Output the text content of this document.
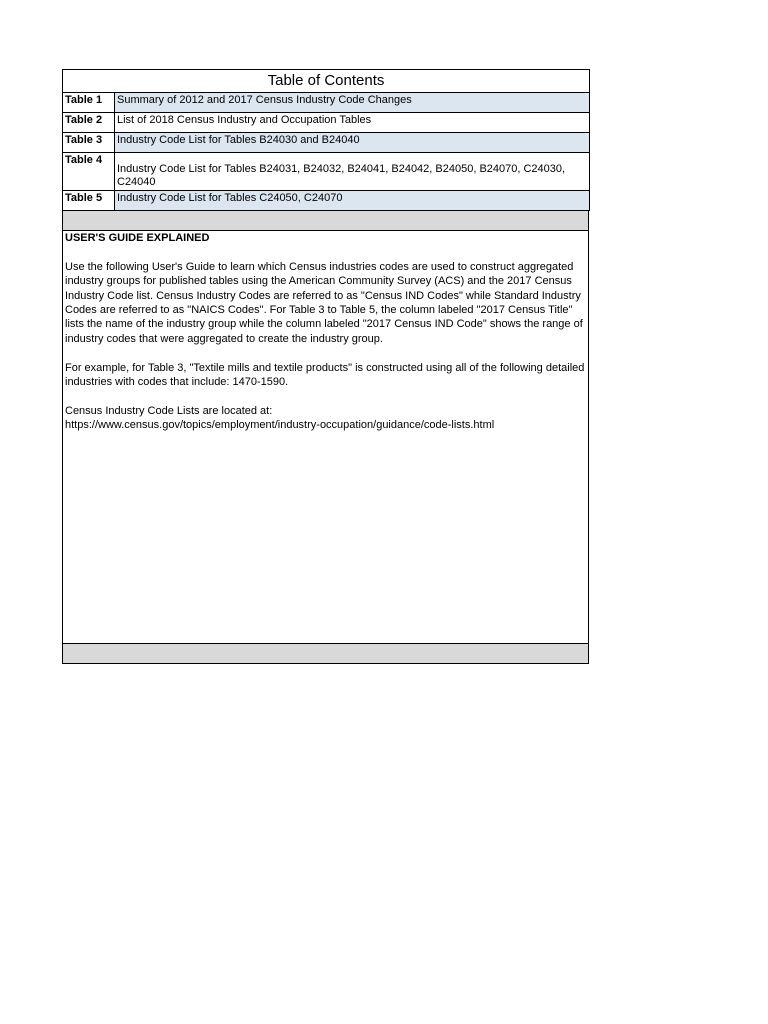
Table of Contents	
Table 1	Summary of 2012 and 2017 Census Industry Code Changes
Table 2	List of 2018 Census Industry and Occupation Tables
Table 3	Industry Code List for Tables B24030 and B24040
Table 4	Industry Code List for Tables B24031, B24032, B24041, B24042, B24050, B24070, C24030, C24040
Table 5	Industry Code List for Tables C24050, C24070

USER'S GUIDE EXPLAINED

Use the following User's Guide to learn which Census industries codes are used to construct aggregated industry groups for published tables using the American Community Survey (ACS) and the 2017 Census Industry Code list. Census Industry Codes are referred to as "Census IND Codes" while Standard Industry Codes are referred to as "NAICS Codes". For Table 3 to Table 5, the column labeled "2017 Census Title" lists the name of the industry group while the column labeled "2017 Census IND Code" shows the range of industry codes that were aggregated to create the industry group.

For example, for Table 3, "Textile mills and textile products" is constructed using all of the following detailed industries with codes that include: 1470-1590.

Census Industry Code Lists are located at:

https://www.census.gov/topics/employment/industry-occupation/guidance/code-lists.html
